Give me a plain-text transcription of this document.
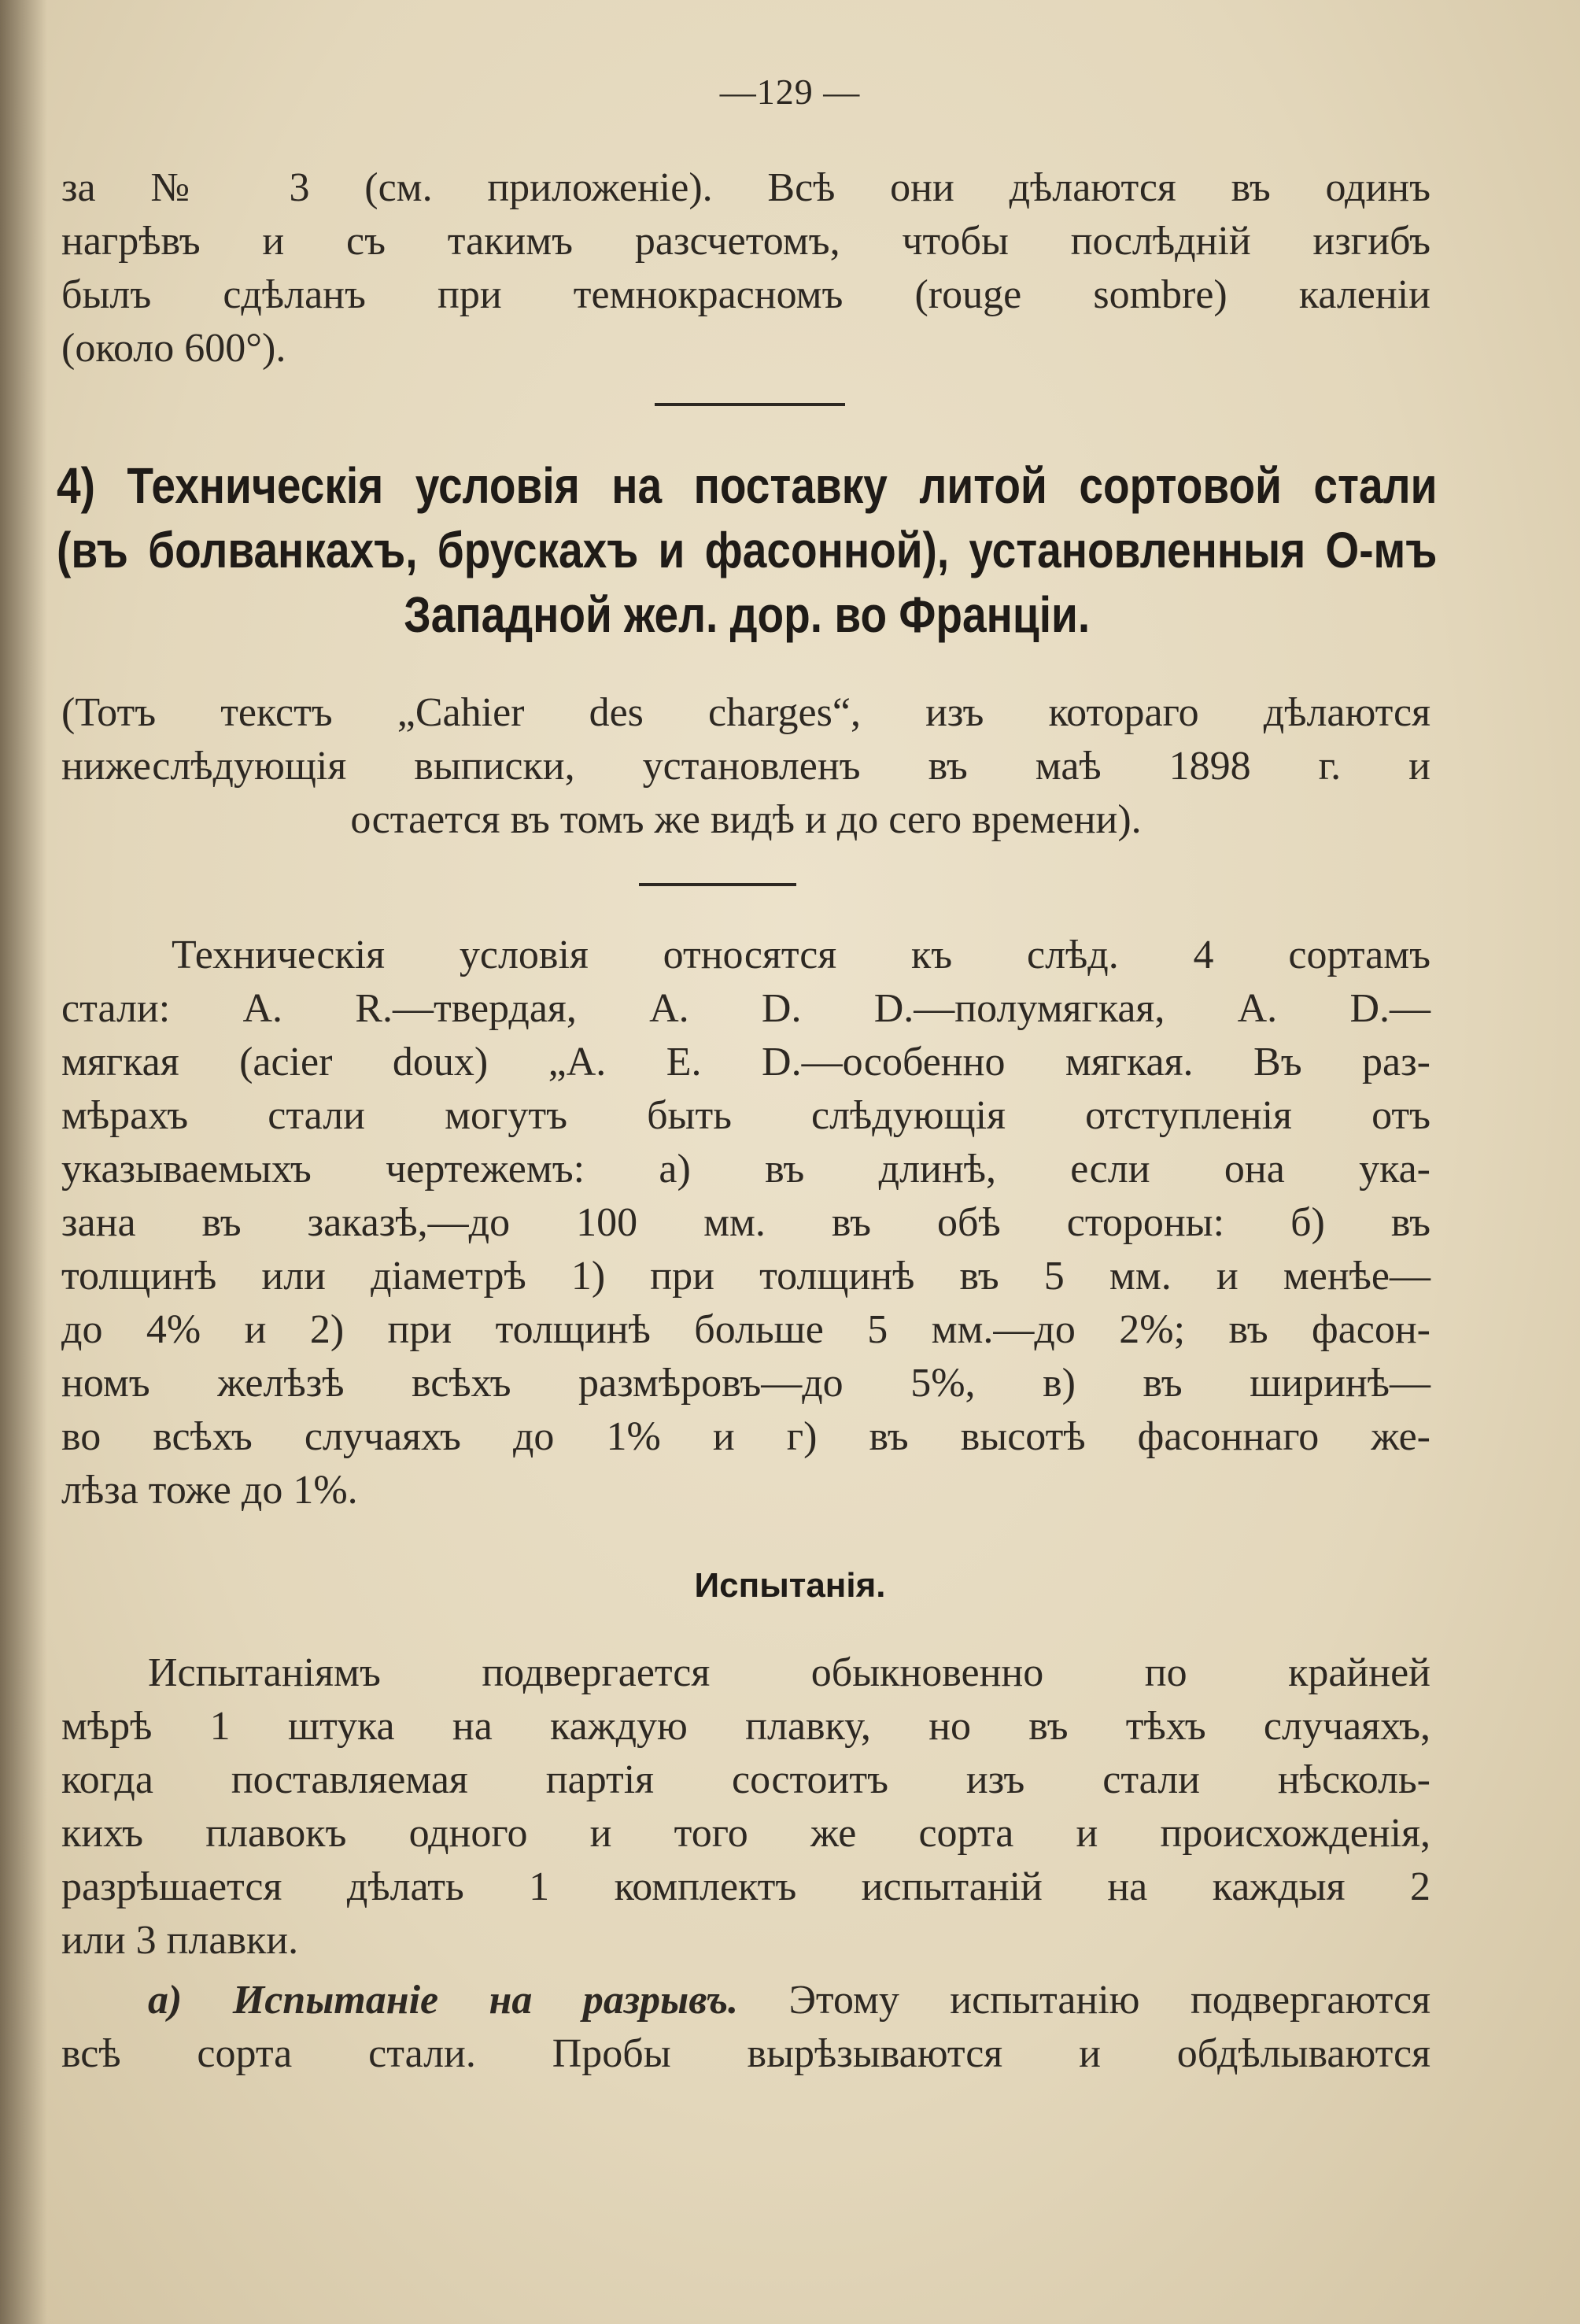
—129 —
за № 3 (см. приложеніе). Всѣ они дѣлаются въ одинъ
нагрѣвъ и съ такимъ разсчетомъ, чтобы послѣдній изгибъ
былъ сдѣланъ при темнокрасномъ (rouge sombre) каленіи
(около 600°).
4) Техническія условія на поставку литой сортовой стали
(въ болванкахъ, брускахъ и фасонной), установленныя О-мъ
Западной жел. дор. во Франціи.
(Тотъ текстъ „Cahier des charges“, изъ котораго дѣлаются
нижеслѣдующія выписки, установленъ въ маѣ 1898 г. и
остается въ томъ же видѣ и до сего времени).
Техническія условія относятся къ слѣд. 4 сортамъ
стали: A. R.—твердая, A. D. D.—полумягкая, A. D.—
мягкая (acier doux) „A. E. D.—особенно мягкая. Въ раз-
мѣрахъ стали могутъ быть слѣдующія отступленія отъ
указываемыхъ чертежемъ: а) въ длинѣ, если она ука-
зана въ заказѣ,—до 100 мм. въ обѣ стороны: б) въ
толщинѣ или діаметрѣ 1) при толщинѣ въ 5 мм. и менѣе—
до 4% и 2) при толщинѣ больше 5 мм.—до 2%; въ фасон-
номъ желѣзѣ всѣхъ размѣровъ—до 5%, в) въ ширинѣ—
во всѣхъ случаяхъ до 1% и г) въ высотѣ фасоннаго же-
лѣза тоже до 1%.
Испытанія.
Испытаніямъ подвергается обыкновенно по крайней
мѣрѣ 1 штука на каждую плавку, но въ тѣхъ случаяхъ,
когда поставляемая партія состоитъ изъ стали нѣсколь-
кихъ плавокъ одного и того же сорта и происхожденія,
разрѣшается дѣлать 1 комплектъ испытаній на каждыя 2
или 3 плавки.
а) Испытаніе на разрывъ. Этому испытанію подвергаются
всѣ сорта стали. Пробы вырѣзываются и обдѣлываются
